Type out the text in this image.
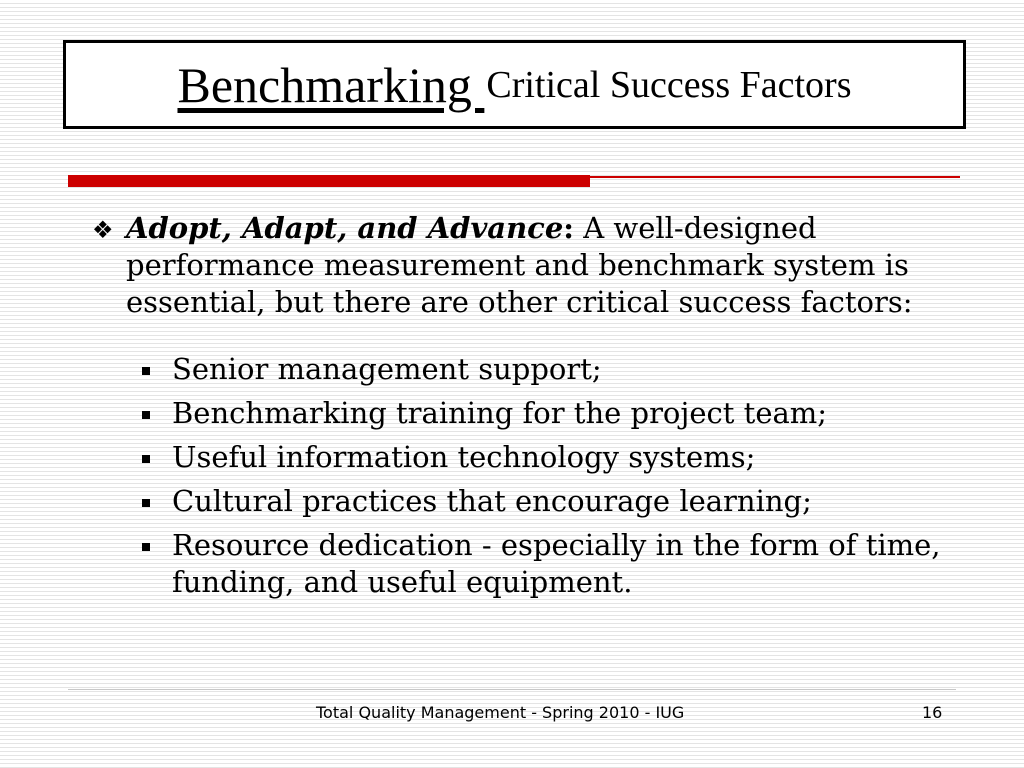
Benchmarking Critical Success Factors
❖ Adopt, Adapt, and Advance: A well-designed performance measurement and benchmark system is essential, but there are other critical success factors:
Senior management support;
Benchmarking training for the project team;
Useful information technology systems;
Cultural practices that encourage learning;
Resource dedication - especially in the form of time, funding, and useful equipment.
Total Quality Management - Spring 2010 - IUG	16
